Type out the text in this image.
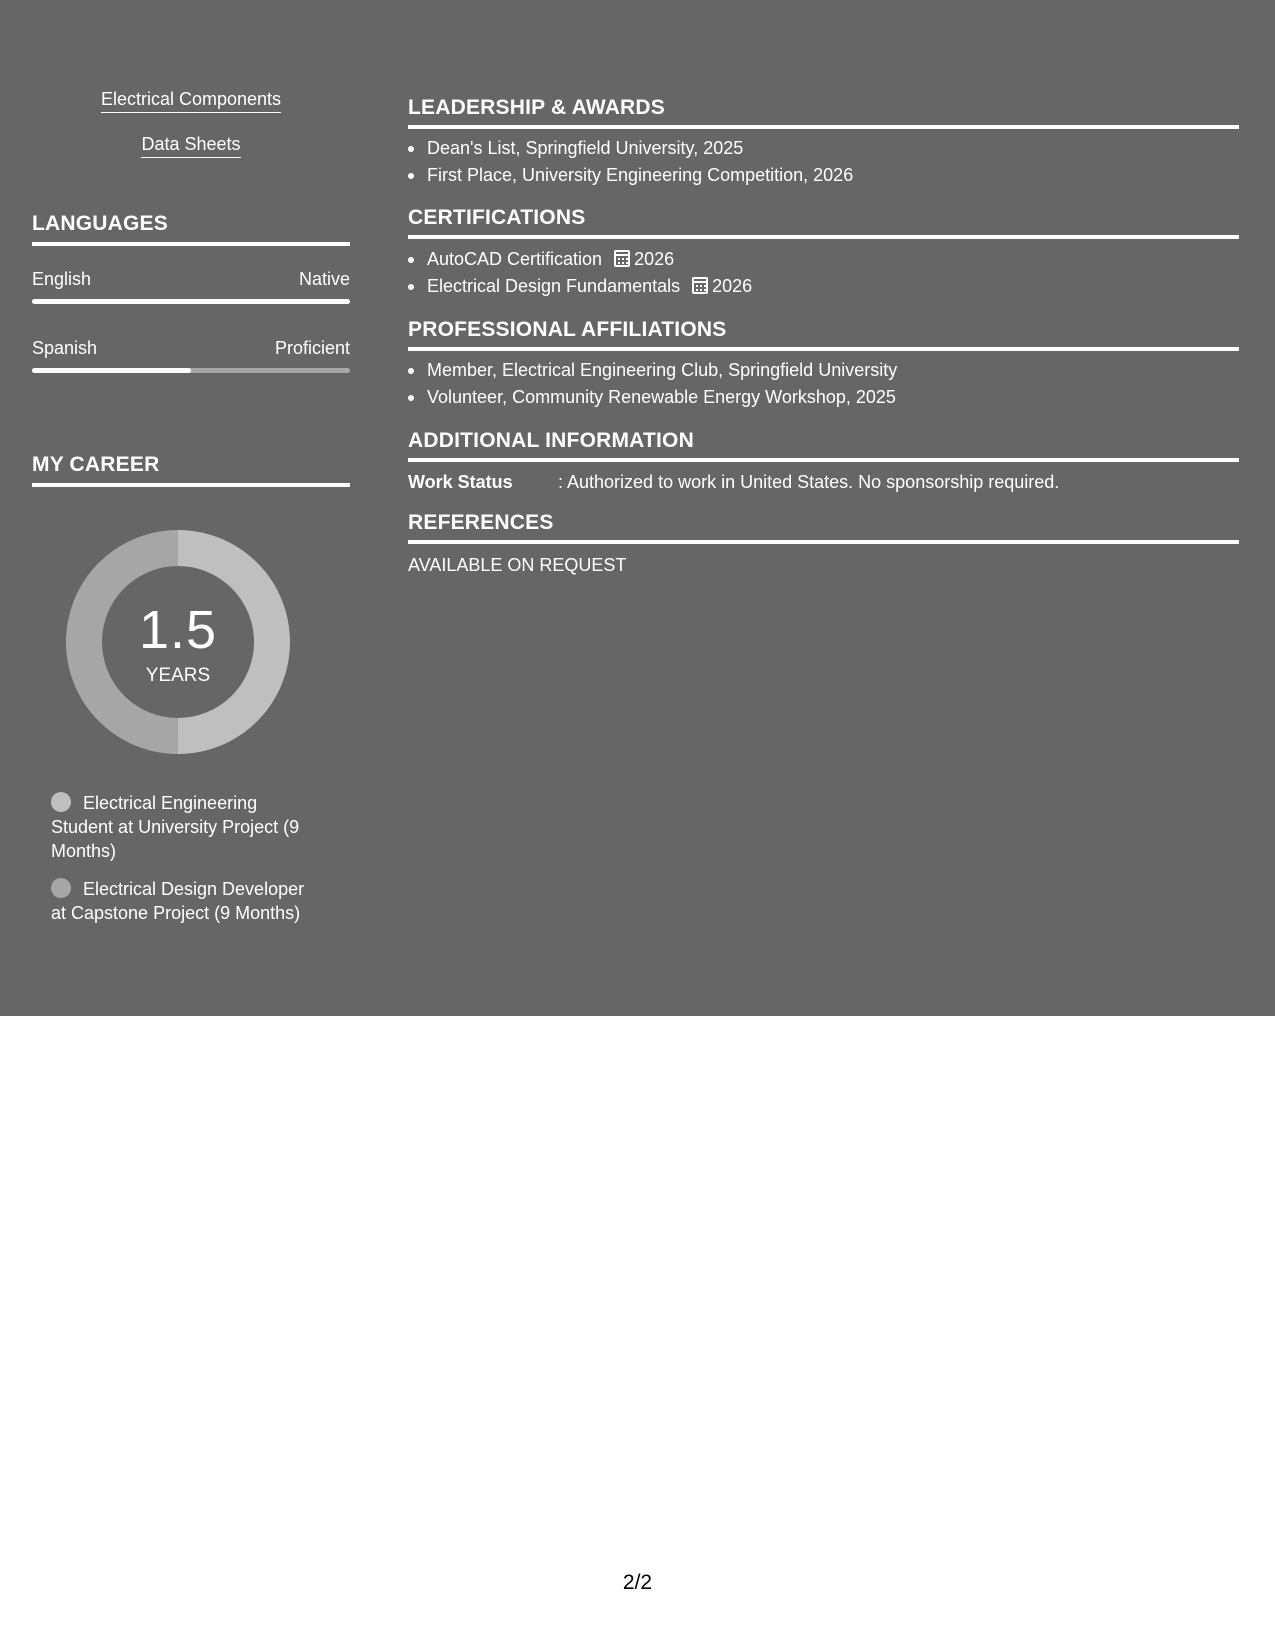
Electrical Components
Data Sheets
LANGUAGES
English	Native
Spanish	Proficient
MY CAREER
1.5
YEARS
Electrical Engineering Student at University Project (9 Months)
Electrical Design Developer at Capstone Project (9 Months)
LEADERSHIP & AWARDS
Dean's List, Springfield University, 2025
First Place, University Engineering Competition, 2026
CERTIFICATIONS
AutoCAD Certification 2026
Electrical Design Fundamentals 2026
PROFESSIONAL AFFILIATIONS
Member, Electrical Engineering Club, Springfield University
Volunteer, Community Renewable Energy Workshop, 2025
ADDITIONAL INFORMATION
Work Status	: Authorized to work in United States. No sponsorship required.
REFERENCES
AVAILABLE ON REQUEST
2/2
